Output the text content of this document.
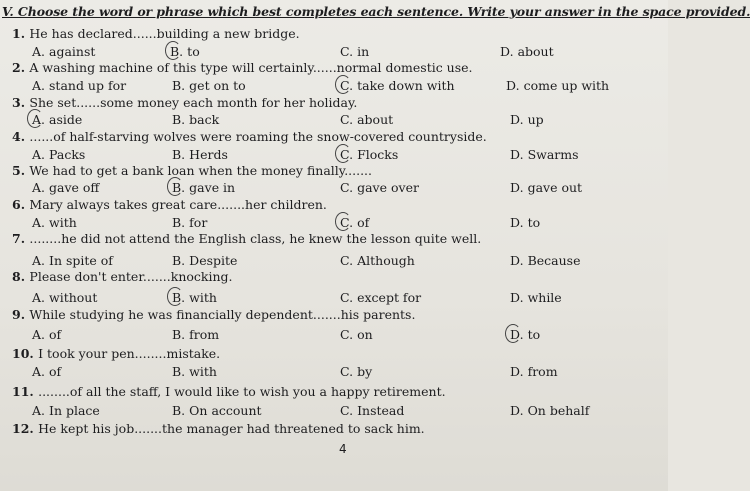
V. Choose the word or phrase which best completes each sentence. Write your answer in the space provided.
1. He has declared......building a new bridge.
A. against	B. to	C. in	D. about
2. A washing machine of this type will certainly......normal domestic use.
A. stand up for	B. get on to	C. take down with	D. come up with
3. She set......some money each month for her holiday.
A. aside	B. back	C. about	D. up
4. ......of half-starving wolves were roaming the snow-covered countryside.
A. Packs	B. Herds	C. Flocks	D. Swarms
5. We had to get a bank loan when the money finally.......
A. gave off	B. gave in	C. gave over	D. gave out
6. Mary always takes great care.......her children.
A. with	B. for	C. of	D. to
7. ........he did not attend the English class, he knew the lesson quite well.
A. In spite of	B. Despite	C. Although	D. Because
8. Please don't enter.......knocking.
A. without	B. with	C. except for	D. while
9. While studying he was financially dependent.......his parents.
A. of	B. from	C. on	D. to
10. I took your pen........mistake.
A. of	B. with	C. by	D. from
11. ........of all the staff, I would like to wish you a happy retirement.
A. In place	B. On account	C. Instead	D. On behalf
12. He kept his job.......the manager had threatened to sack him.
4
